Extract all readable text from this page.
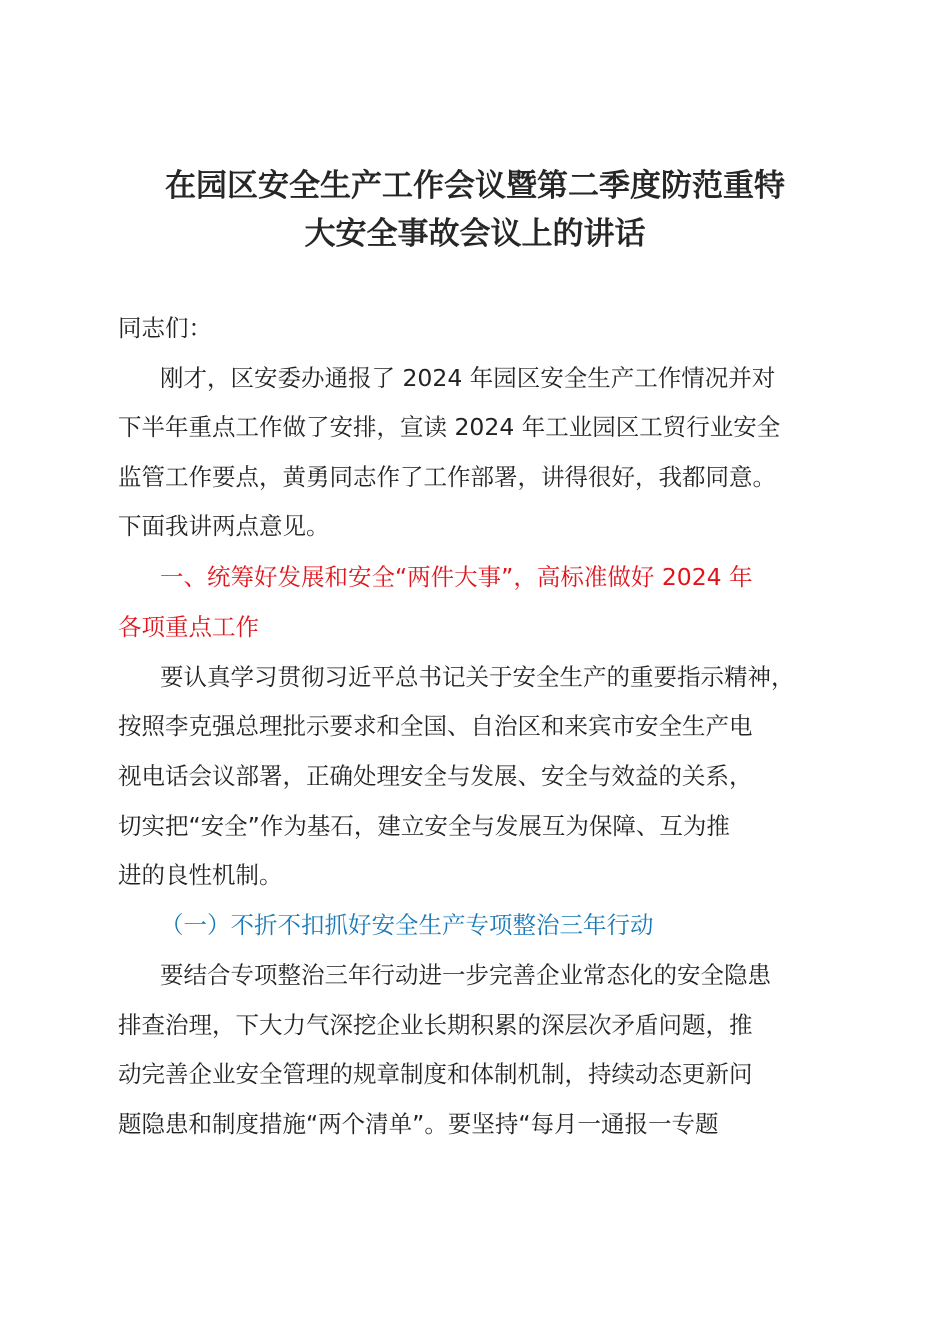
在园区安全生产工作会议暨第二季度防范重特
大安全事故会议上的讲话
同志们：
刚才，区安委办通报了 2024 年园区安全生产工作情况并对
下半年重点工作做了安排，宣读 2024 年工业园区工贸行业安全
监管工作要点，黄勇同志作了工作部署，讲得很好，我都同意。
下面我讲两点意见。
一、统筹好发展和安全“两件大事”，高标准做好 2024 年
各项重点工作
要认真学习贯彻习近平总书记关于安全生产的重要指示精神，
按照李克强总理批示要求和全国、自治区和来宾市安全生产电
视电话会议部署，正确处理安全与发展、安全与效益的关系，
切实把“安全”作为基石，建立安全与发展互为保障、互为推
进的良性机制。
（一）不折不扣抓好安全生产专项整治三年行动
要结合专项整治三年行动进一步完善企业常态化的安全隐患
排查治理，下大力气深挖企业长期积累的深层次矛盾问题，推
动完善企业安全管理的规章制度和体制机制，持续动态更新问
题隐患和制度措施“两个清单”。要坚持“每月一通报一专题
